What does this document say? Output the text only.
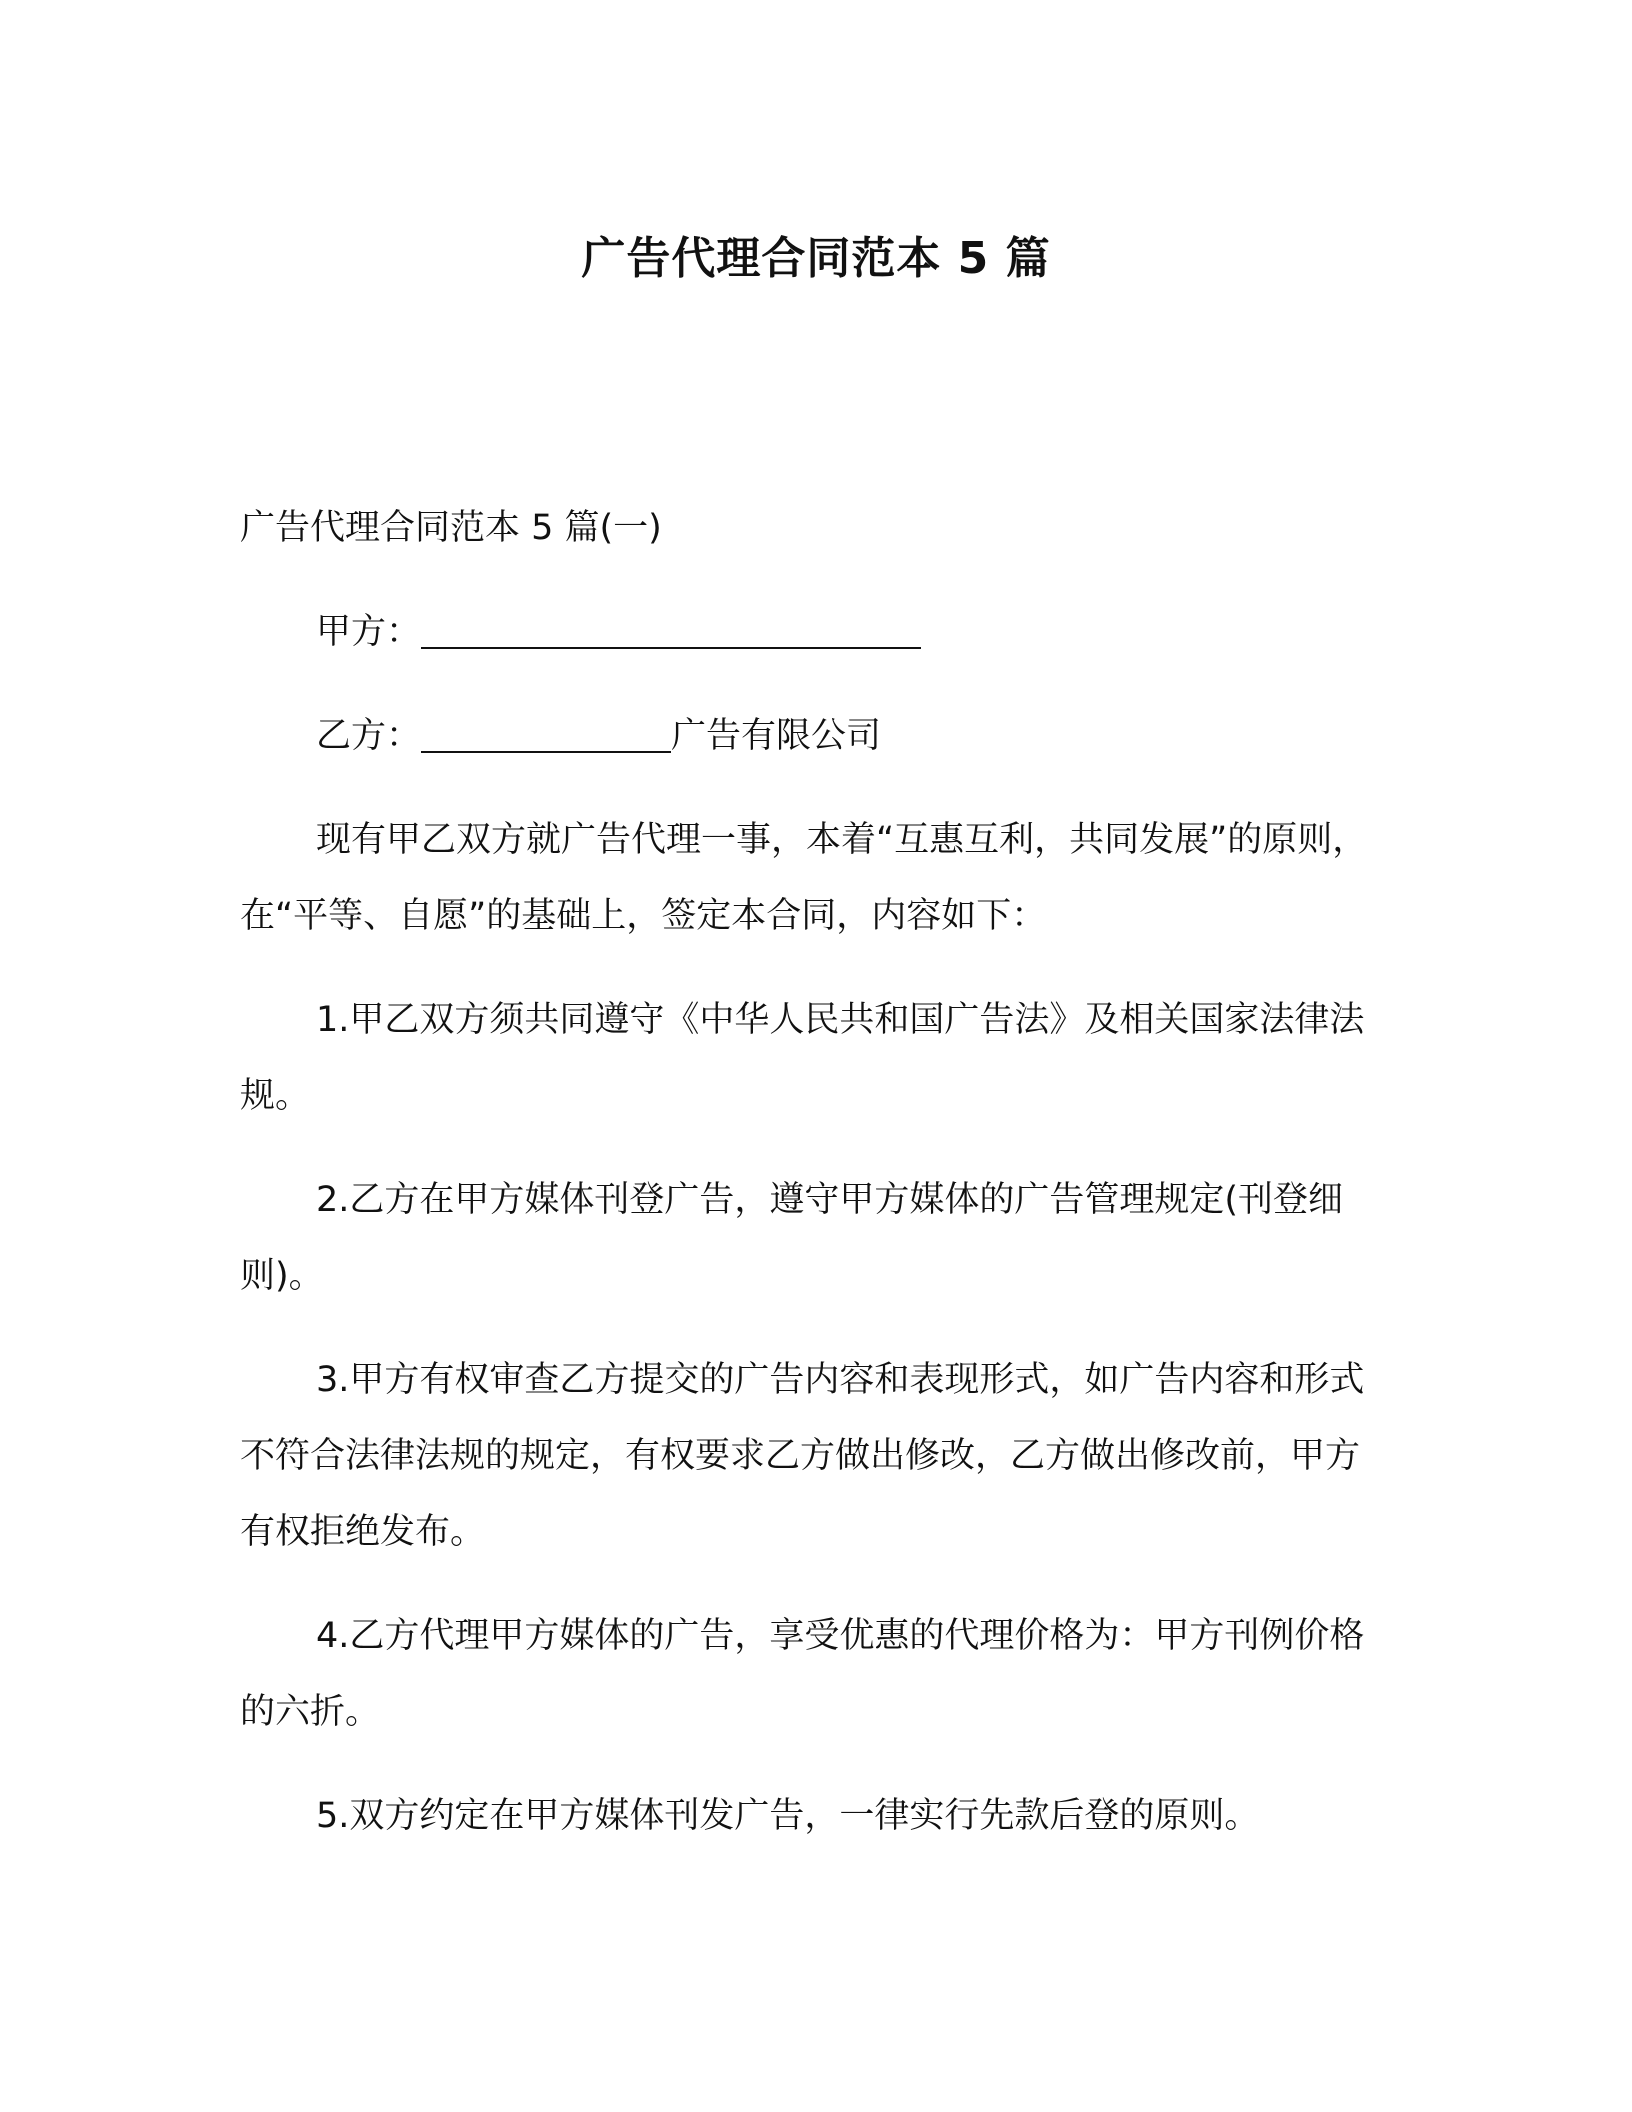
广告代理合同范本 5 篇
广告代理合同范本 5 篇(一)
甲方：
乙方：	广告有限公司

现有甲乙双方就广告代理一事，本着“互惠互利，共同发展”的原则，在“平等、自愿”的基础上，签定本合同，内容如下：

1.甲乙双方须共同遵守《中华人民共和国广告法》及相关国家法律法规。

2.乙方在甲方媒体刊登广告，遵守甲方媒体的广告管理规定(刊登细则)。

3.甲方有权审查乙方提交的广告内容和表现形式，如广告内容和形式不符合法律法规的规定，有权要求乙方做出修改，乙方做出修改前，甲方有权拒绝发布。

4.乙方代理甲方媒体的广告，享受优惠的代理价格为：甲方刊例价格的六折。

5.双方约定在甲方媒体刊发广告，一律实行先款后登的原则。
